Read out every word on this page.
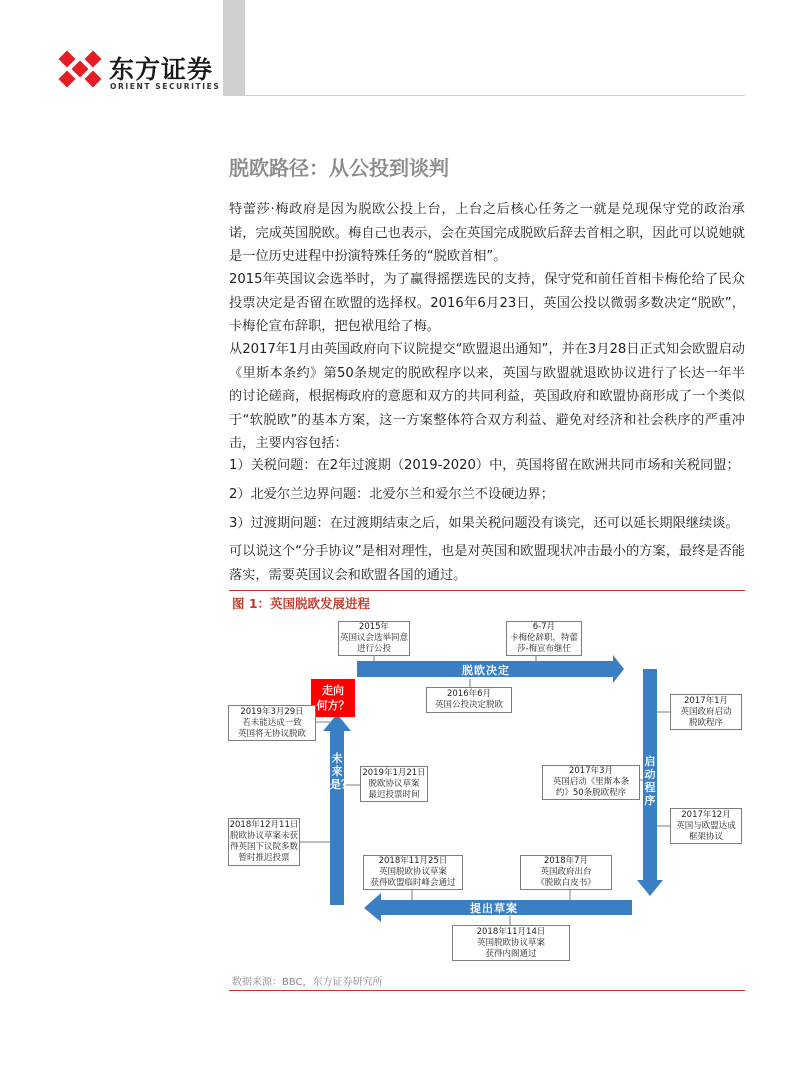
东方证券
ORIENT SECURITIES
脱欧路径：从公投到谈判

特蕾莎·梅政府是因为脱欧公投上台，上台之后核心任务之一就是兑现保守党的政治承诺，完成英国脱欧。梅自己也表示，会在英国完成脱欧后辞去首相之职，因此可以说她就是一位历史进程中扮演特殊任务的“脱欧首相”。

2015年英国议会选举时，为了赢得摇摆选民的支持，保守党和前任首相卡梅伦给了民众投票决定是否留在欧盟的选择权。2016年6月23日，英国公投以微弱多数决定“脱欧”，卡梅伦宣布辞职，把包袱甩给了梅。

从2017年1月由英国政府向下议院提交“欧盟退出通知”，并在3月28日正式知会欧盟启动《里斯本条约》第50条规定的脱欧程序以来，英国与欧盟就退欧协议进行了长达一年半的讨论磋商，根据梅政府的意愿和双方的共同利益，英国政府和欧盟协商形成了一个类似于“软脱欧”的基本方案，这一方案整体符合双方利益、避免对经济和社会秩序的严重冲击，主要内容包括：

1）关税问题：在2年过渡期（2019-2020）中，英国将留在欧洲共同市场和关税同盟；

2）北爱尔兰边界问题：北爱尔兰和爱尔兰不设硬边界；

3）过渡期问题：在过渡期结束之后，如果关税问题没有谈完，还可以延长期限继续谈。

可以说这个“分手协议”是相对理性，也是对英国和欧盟现状冲击最小的方案，最终是否能落实，需要英国议会和欧盟各国的通过。

图 1：英国脱欧发展进程
脱欧决定
启动程序
提出草案
未来是？
走向
何方？
2015年
英国议会选举同意
进行公投
6-7月
卡梅伦辞职，特蕾
莎-梅宣布继任
2016年6月
英国公投决定脱欧	2017年1月
英国政府启动
脱欧程序
2017年3月
英国启动《里斯本条
约》50条脱欧程序
2017年12月
英国与欧盟达成
框架协议
2018年7月
英国政府出台
《脱欧白皮书》
2018年11月25日
英国脱欧协议草案
获得欧盟临时峰会通过
2018年11月14日
英国脱欧协议草案
获得内阁通过
2018年12月11日
脱欧协议草案未获
得英国下议院多数
暂时推迟投票
2019年1月21日
脱欧协议草案
最迟投票时间
2019年3月29日
若未能达成一致
英国将无协议脱欧
数据来源：BBC，东方证券研究所
